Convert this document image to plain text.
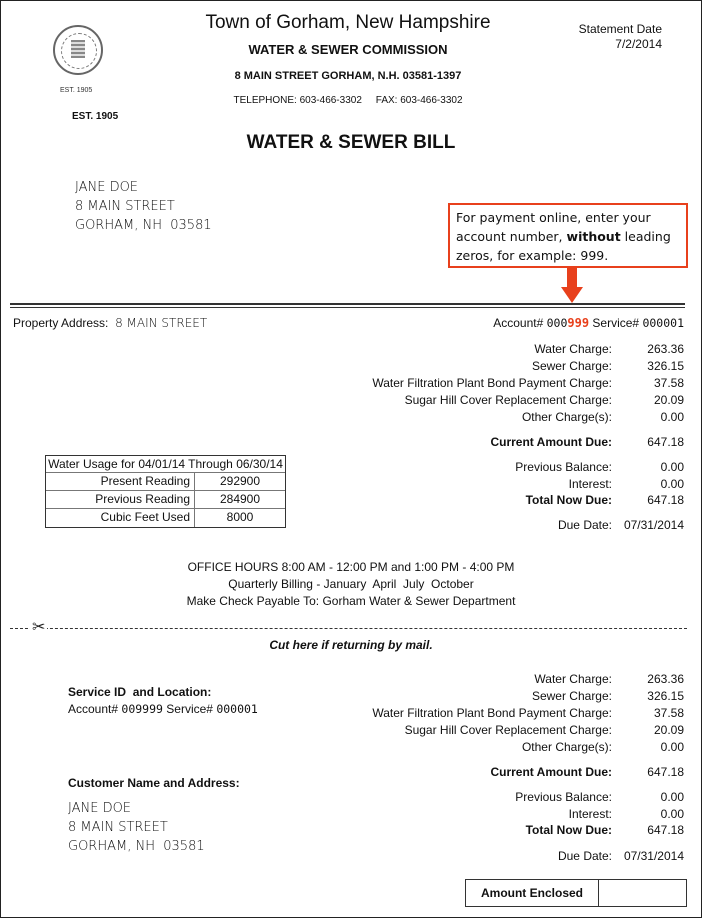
EST. 1905
EST. 1905
Town of Gorham, New Hampshire
WATER & SEWER COMMISSION
8 MAIN STREET GORHAM, N.H. 03581-1397
TELEPHONE: 603-466-3302     FAX: 603-466-3302
Statement Date
7/2/2014
WATER & SEWER BILL
JANE DOE
8 MAIN STREET
GORHAM, NH  03581
For payment online, enter your account number, without leading zeros, for example: 999.
Property Address: 8 MAIN STREET	Account# 000999 Service# 000001
Water Charge:	263.36
Sewer Charge:	326.15
Water Filtration Plant Bond Payment Charge:	37.58
Sugar Hill Cover Replacement Charge:	20.09
Other Charge(s):	0.00
Current Amount Due:	647.18
Previous Balance:	0.00
Interest:	0.00
Total Now Due:	647.18
Due Date: 07/31/2014
Water Usage for 04/01/14 Through 06/30/14
Present Reading	292900
Previous Reading	284900
Cubic Feet Used	8000
OFFICE HOURS 8:00 AM - 12:00 PM and 1:00 PM - 4:00 PM
Quarterly Billing - January  April  July  October
Make Check Payable To: Gorham Water & Sewer Department
✂
Cut here if returning by mail.
Service ID  and Location:
Account# 009999 Service# 000001
Customer Name and Address:
JANE DOE
8 MAIN STREET
GORHAM, NH  03581
Water Charge:	263.36
Sewer Charge:	326.15
Water Filtration Plant Bond Payment Charge:	37.58
Sugar Hill Cover Replacement Charge:	20.09
Other Charge(s):	0.00
Current Amount Due:	647.18
Previous Balance:	0.00
Interest:	0.00
Total Now Due:	647.18
Due Date: 07/31/2014
Amount Enclosed
